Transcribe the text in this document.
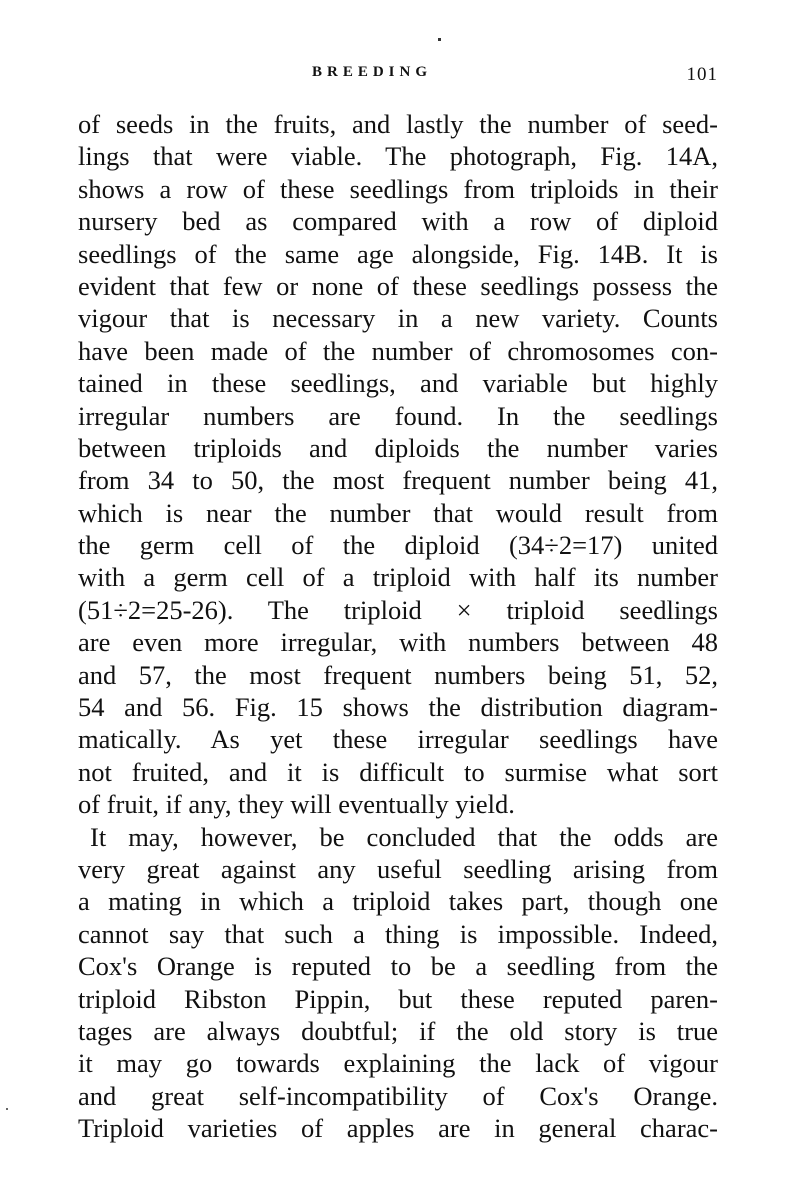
BREEDING	101
of seeds in the fruits, and lastly the number of seed-
lings that were viable. The photograph, Fig. 14A,
shows a row of these seedlings from triploids in their
nursery bed as compared with a row of diploid
seedlings of the same age alongside, Fig. 14B. It is
evident that few or none of these seedlings possess the
vigour that is necessary in a new variety. Counts
have been made of the number of chromosomes con-
tained in these seedlings, and variable but highly
irregular numbers are found. In the seedlings
between triploids and diploids the number varies
from 34 to 50, the most frequent number being 41,
which is near the number that would result from
the germ cell of the diploid (34÷2=17) united
with a germ cell of a triploid with half its number
(51÷2=25-26). The triploid × triploid seedlings
are even more irregular, with numbers between 48
and 57, the most frequent numbers being 51, 52,
54 and 56. Fig. 15 shows the distribution diagram-
matically. As yet these irregular seedlings have
not fruited, and it is difficult to surmise what sort
of fruit, if any, they will eventually yield.
It may, however, be concluded that the odds are
very great against any useful seedling arising from
a mating in which a triploid takes part, though one
cannot say that such a thing is impossible. Indeed,
Cox's Orange is reputed to be a seedling from the
triploid Ribston Pippin, but these reputed paren-
tages are always doubtful; if the old story is true
it may go towards explaining the lack of vigour
and great self-incompatibility of Cox's Orange.
Triploid varieties of apples are in general charac-
